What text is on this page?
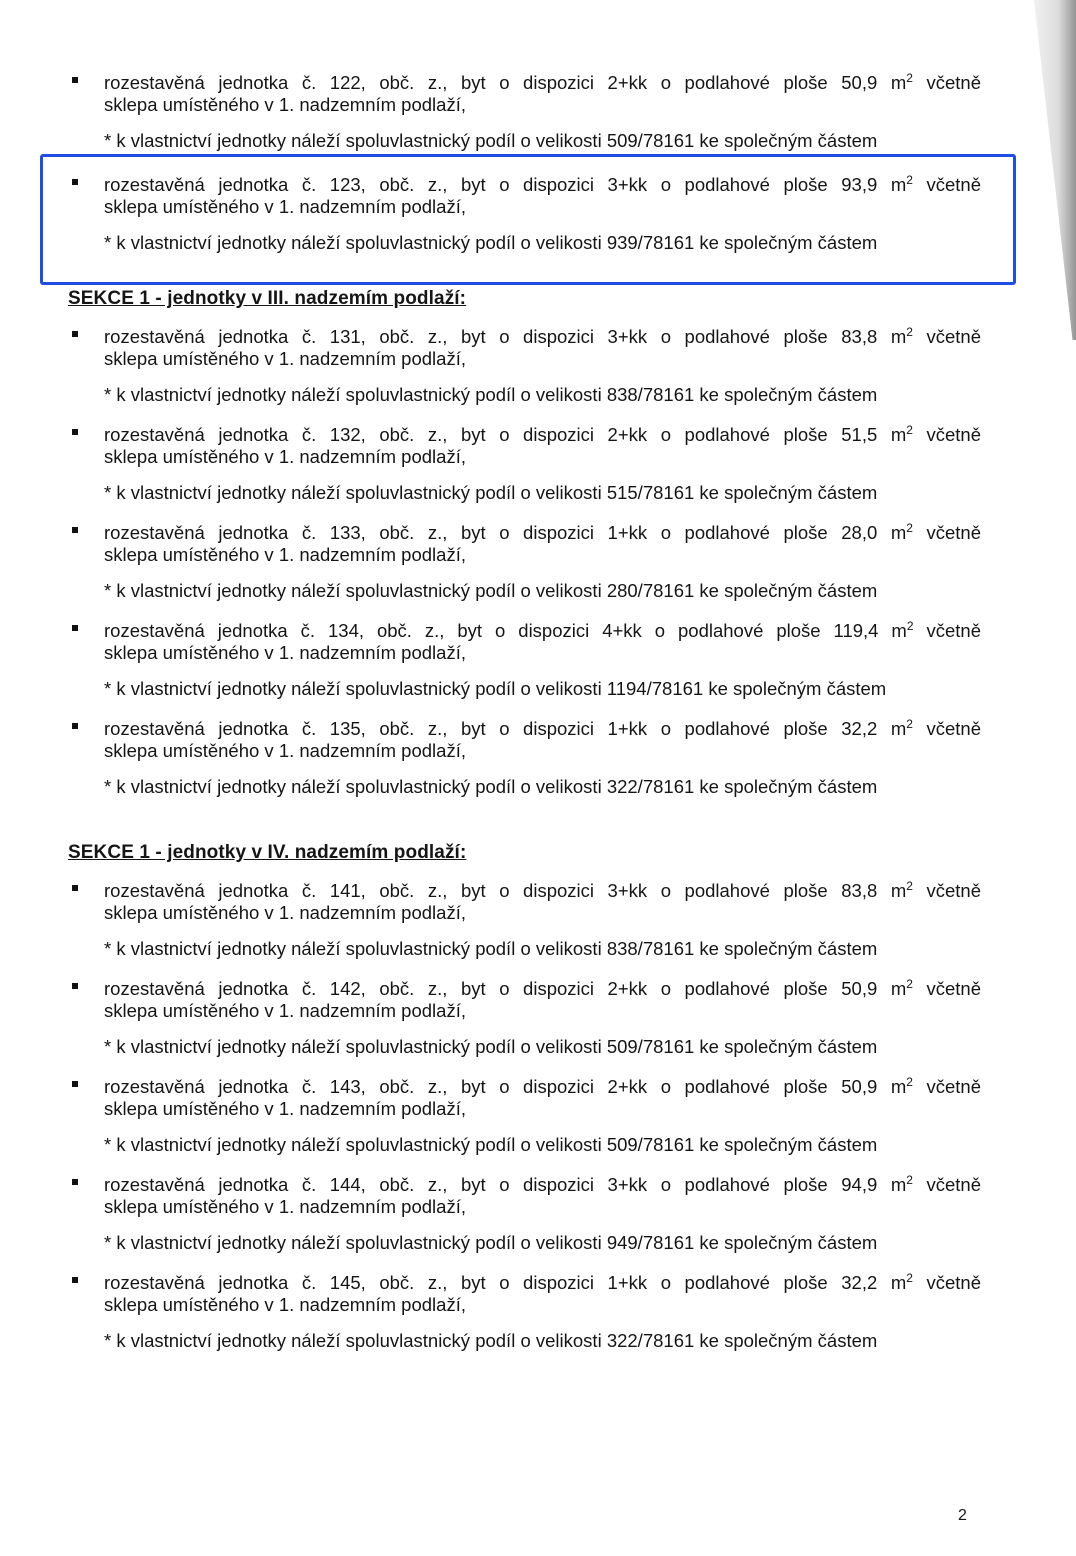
rozestavěná jednotka č. 122, obč. z., byt o dispozici 2+kk o podlahové ploše 50,9 $m^2$ včetně
sklepa umístěného v 1. nadzemním podlaží,
* k vlastnictví jednotky náleží spoluvlastnický podíl o velikosti 509/78161 ke společným částem
rozestavěná jednotka č. 123, obč. z., byt o dispozici 3+kk o podlahové ploše 93,9 $m^2$ včetně
sklepa umístěného v 1. nadzemním podlaží,
* k vlastnictví jednotky náleží spoluvlastnický podíl o velikosti 939/78161 ke společným částem
SEKCE 1 - jednotky v III. nadzemím podlaží:
rozestavěná jednotka č. 131, obč. z., byt o dispozici 3+kk o podlahové ploše 83,8 $m^2$ včetně
sklepa umístěného v 1. nadzemním podlaží,
* k vlastnictví jednotky náleží spoluvlastnický podíl o velikosti 838/78161 ke společným částem
rozestavěná jednotka č. 132, obč. z., byt o dispozici 2+kk o podlahové ploše 51,5 $m^2$ včetně
sklepa umístěného v 1. nadzemním podlaží,
* k vlastnictví jednotky náleží spoluvlastnický podíl o velikosti 515/78161 ke společným částem
rozestavěná jednotka č. 133, obč. z., byt o dispozici 1+kk o podlahové ploše 28,0 $m^2$ včetně
sklepa umístěného v 1. nadzemním podlaží,
* k vlastnictví jednotky náleží spoluvlastnický podíl o velikosti 280/78161 ke společným částem
rozestavěná jednotka č. 134, obč. z., byt o dispozici 4+kk o podlahové ploše 119,4 $m^2$ včetně
sklepa umístěného v 1. nadzemním podlaží,
* k vlastnictví jednotky náleží spoluvlastnický podíl o velikosti 1194/78161 ke společným částem
rozestavěná jednotka č. 135, obč. z., byt o dispozici 1+kk o podlahové ploše 32,2 $m^2$ včetně
sklepa umístěného v 1. nadzemním podlaží,
* k vlastnictví jednotky náleží spoluvlastnický podíl o velikosti 322/78161 ke společným částem
SEKCE 1 - jednotky v IV. nadzemím podlaží:
rozestavěná jednotka č. 141, obč. z., byt o dispozici 3+kk o podlahové ploše 83,8 $m^2$ včetně
sklepa umístěného v 1. nadzemním podlaží,
* k vlastnictví jednotky náleží spoluvlastnický podíl o velikosti 838/78161 ke společným částem
rozestavěná jednotka č. 142, obč. z., byt o dispozici 2+kk o podlahové ploše 50,9 $m^2$ včetně
sklepa umístěného v 1. nadzemním podlaží,
* k vlastnictví jednotky náleží spoluvlastnický podíl o velikosti 509/78161 ke společným částem
rozestavěná jednotka č. 143, obč. z., byt o dispozici 2+kk o podlahové ploše 50,9 $m^2$ včetně
sklepa umístěného v 1. nadzemním podlaží,
* k vlastnictví jednotky náleží spoluvlastnický podíl o velikosti 509/78161 ke společným částem
rozestavěná jednotka č. 144, obč. z., byt o dispozici 3+kk o podlahové ploše 94,9 $m^2$ včetně
sklepa umístěného v 1. nadzemním podlaží,
* k vlastnictví jednotky náleží spoluvlastnický podíl o velikosti 949/78161 ke společným částem
rozestavěná jednotka č. 145, obč. z., byt o dispozici 1+kk o podlahové ploše 32,2 $m^2$ včetně
sklepa umístěného v 1. nadzemním podlaží,
* k vlastnictví jednotky náleží spoluvlastnický podíl o velikosti 322/78161 ke společným částem
2
